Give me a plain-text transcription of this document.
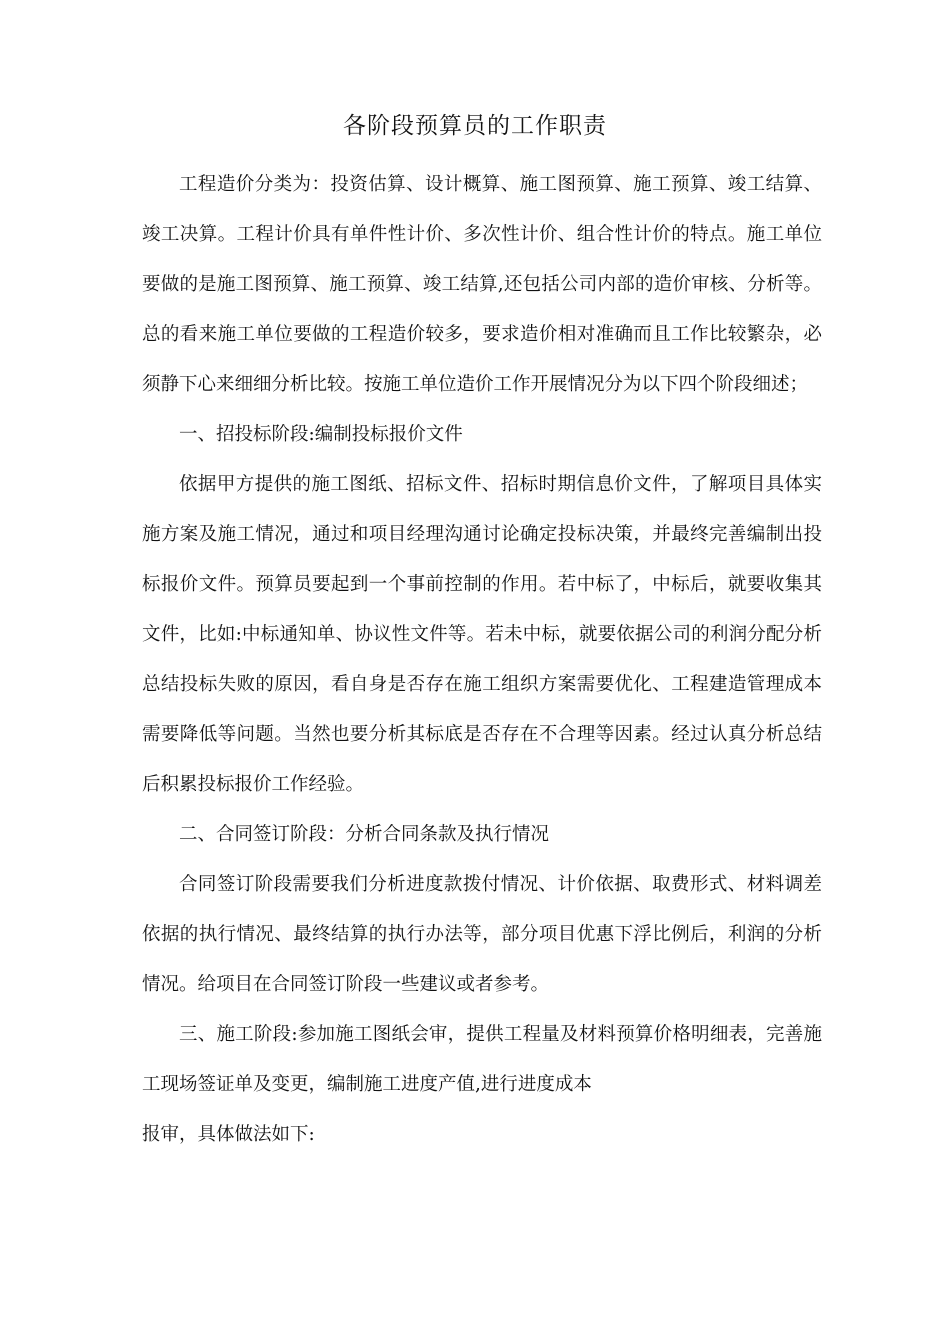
各阶段预算员的工作职责

工程造价分类为：投资估算、设计概算、施工图预算、施工预算、竣工结算、竣工决算。工程计价具有单件性计价、多次性计价、组合性计价的特点。施工单位要做的是施工图预算、施工预算、竣工结算,还包括公司内部的造价审核、分析等。总的看来施工单位要做的工程造价较多，要求造价相对准确而且工作比较繁杂，必须静下心来细细分析比较。按施工单位造价工作开展情况分为以下四个阶段细述；

一、招投标阶段:编制投标报价文件

依据甲方提供的施工图纸、招标文件、招标时期信息价文件，了解项目具体实施方案及施工情况，通过和项目经理沟通讨论确定投标决策，并最终完善编制出投标报价文件。预算员要起到一个事前控制的作用。若中标了，中标后，就要收集其文件，比如:中标通知单、协议性文件等。若未中标，就要依据公司的利润分配分析总结投标失败的原因，看自身是否存在施工组织方案需要优化、工程建造管理成本需要降低等问题。当然也要分析其标底是否存在不合理等因素。经过认真分析总结后积累投标报价工作经验。

二、合同签订阶段：分析合同条款及执行情况

合同签订阶段需要我们分析进度款拨付情况、计价依据、取费形式、材料调差依据的执行情况、最终结算的执行办法等，部分项目优惠下浮比例后，利润的分析情况。给项目在合同签订阶段一些建议或者参考。

三、施工阶段:参加施工图纸会审，提供工程量及材料预算价格明细表，完善施工现场签证单及变更，编制施工进度产值,进行进度成本

报审，具体做法如下:
